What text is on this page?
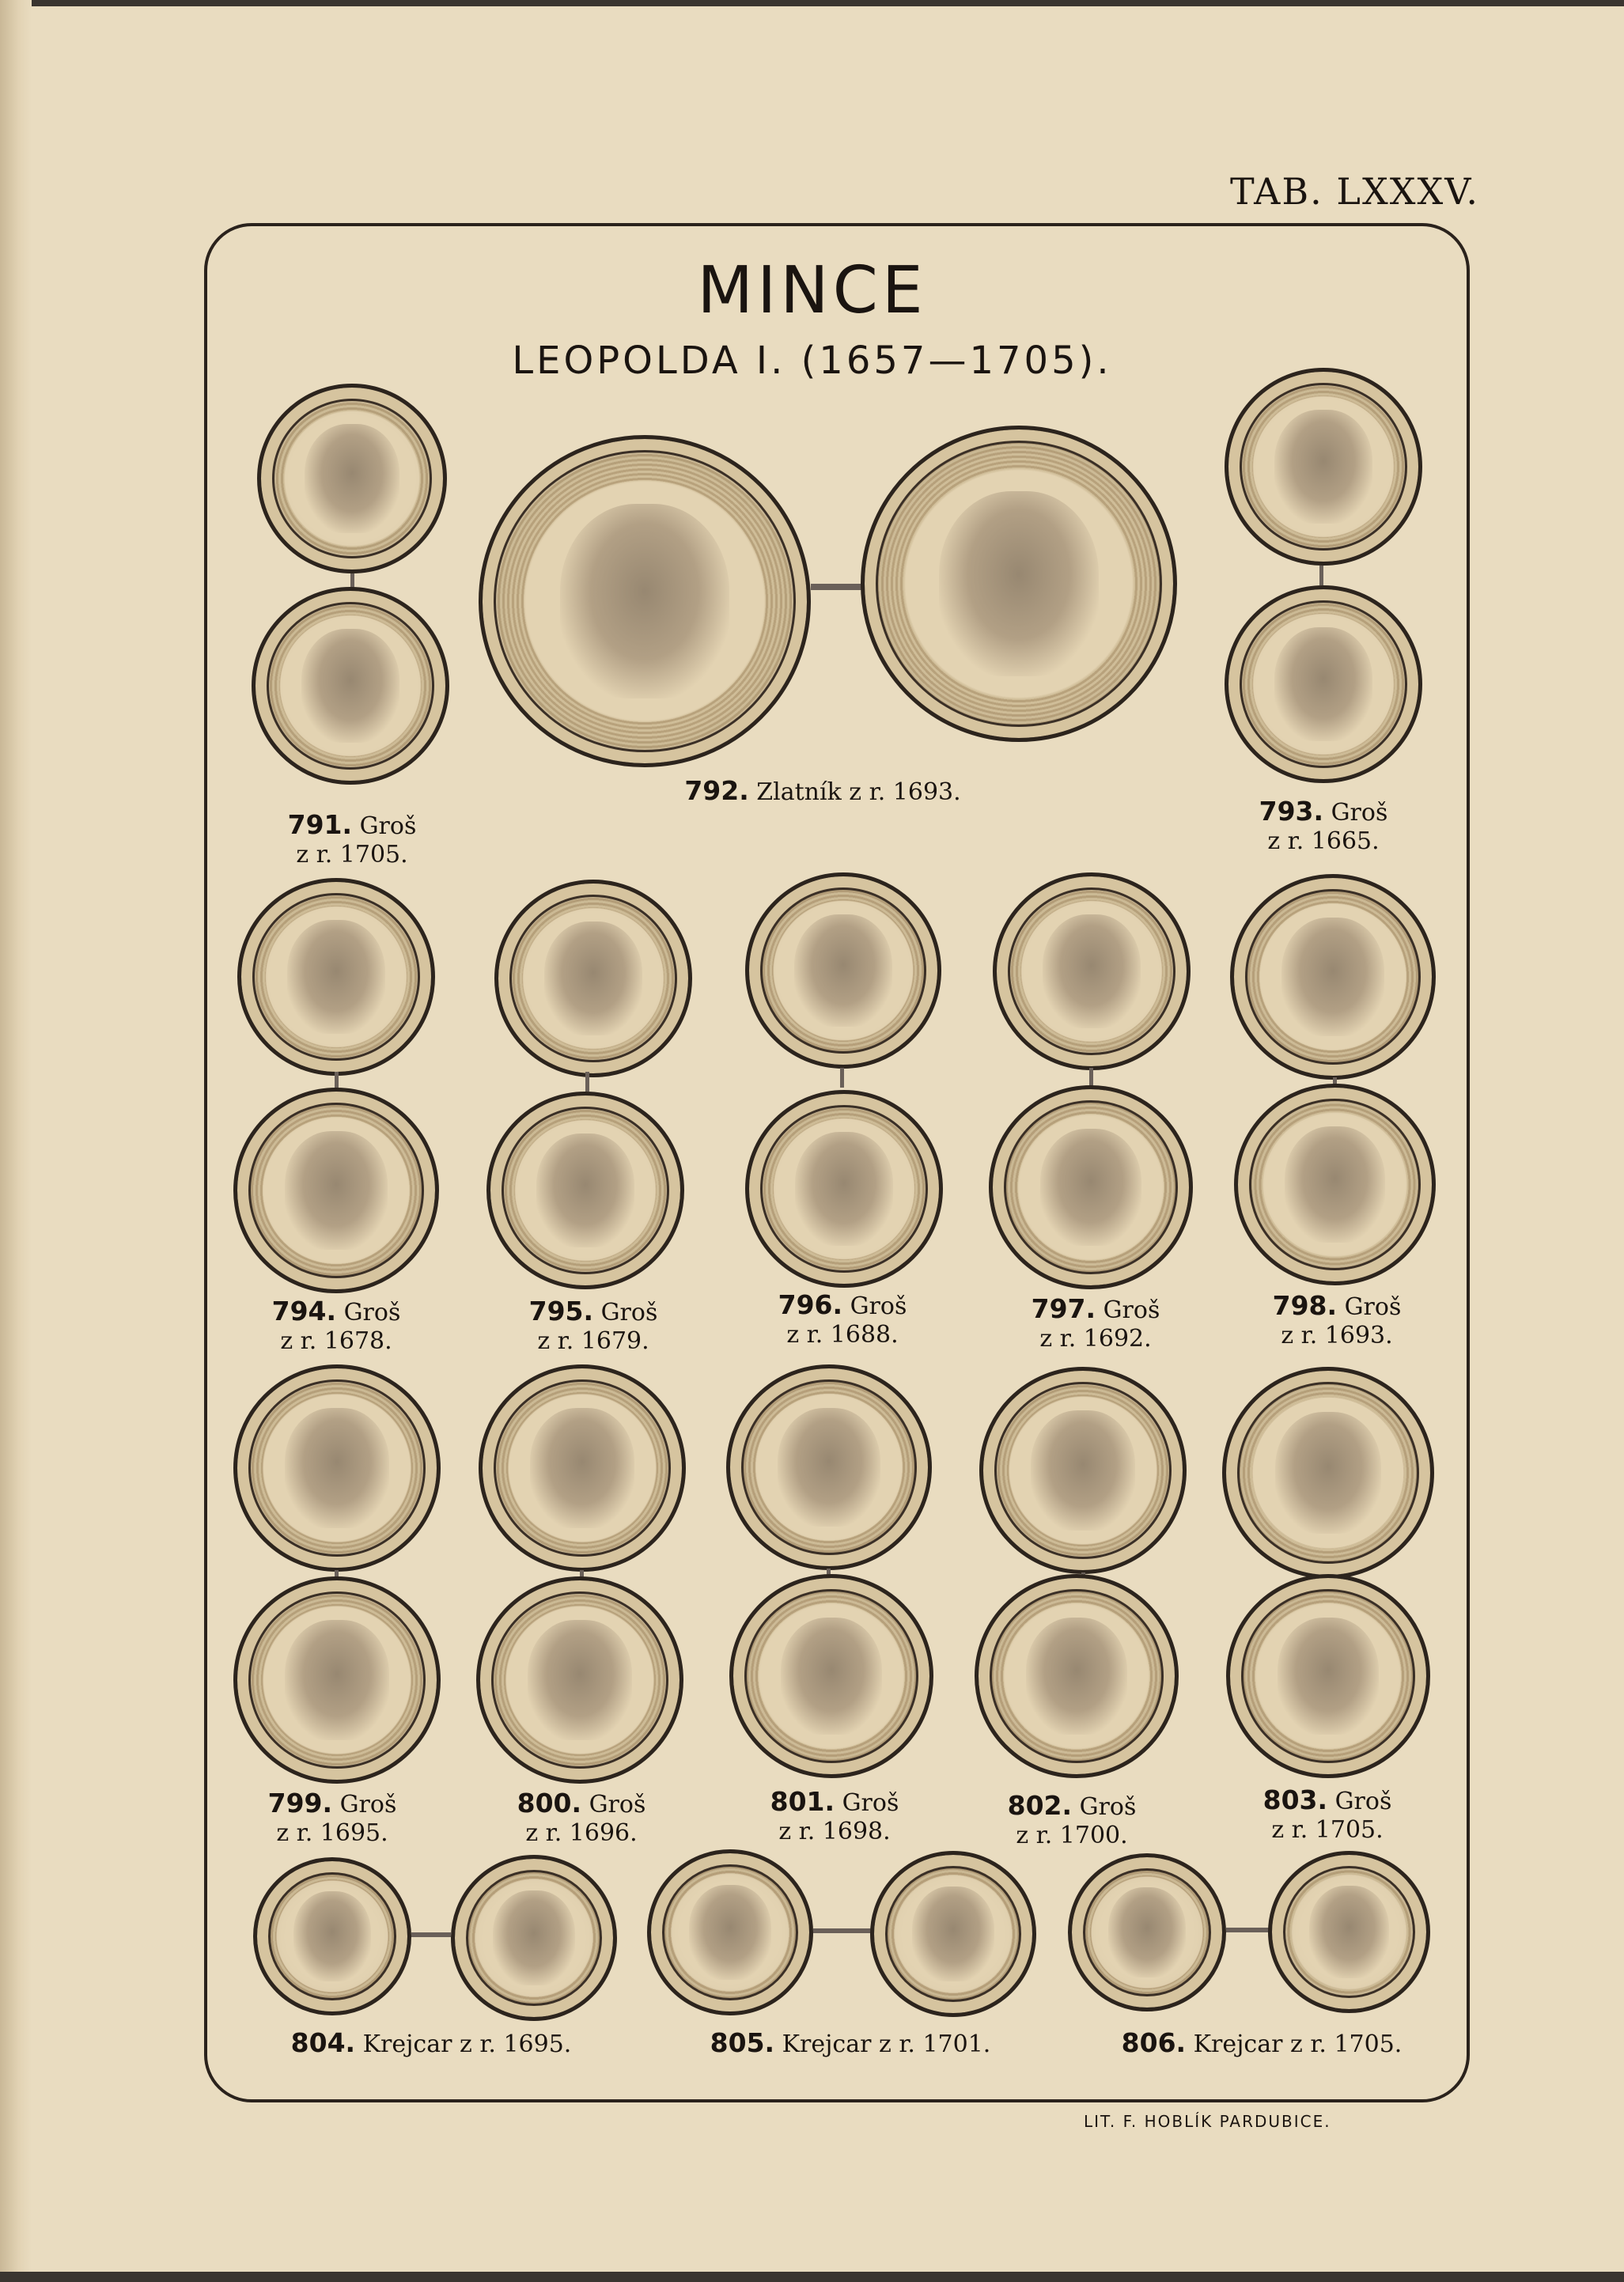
TAB. LXXXV.
MINCE
LEOPOLDA I. (1657—1705).
791. Groš
z r. 1705.
792. Zlatník z r. 1693.
793. Groš
z r. 1665.
794. Groš
z r. 1678.
795. Groš
z r. 1679.
796. Groš
z r. 1688.
797. Groš
z r. 1692.
798. Groš
z r. 1693.
799. Groš
z r. 1695.
800. Groš
z r. 1696.
801. Groš
z r. 1698.
802. Groš
z r. 1700.
803. Groš
z r. 1705.
804. Krejcar z r. 1695.	805. Krejcar z r. 1701.	806. Krejcar z r. 1705.
LIT. F. HOBLÍK PARDUBICE.
